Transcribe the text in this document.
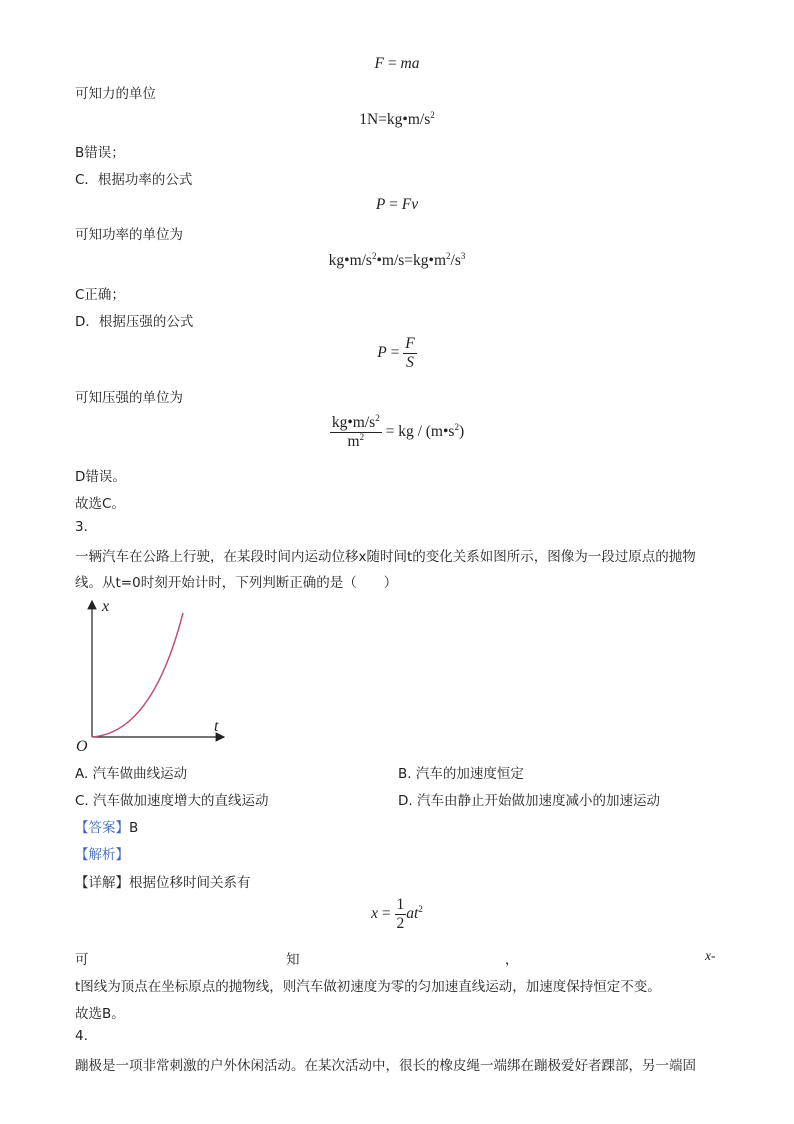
F = ma
可知力的单位
$1N=kg•m/s^2$
B错误；
C．根据功率的公式
P = Fv
可知功率的单位为
$kg•m/s^2•m/s=kg•m^2/s^3$
C正确；
D．根据压强的公式
$P = \frac{F}{S}$
可知压强的单位为
$\frac{kg•m/s^2}{m^2}$ = kg / $(m•s^2)$
D错误。
故选C。
3.
一辆汽车在公路上行驶，在某段时间内运动位移x随时间t的变化关系如图所示，图像为一段过原点的抛物
线。从t=0时刻开始计时，下列判断正确的是（　　）
x
t
O
A. 汽车做曲线运动	B. 汽车的加速度恒定
C. 汽车做加速度增大的直线运动	D. 汽车由静止开始做加速度减小的加速运动
【答案】B
【解析】
【详解】根据位移时间关系有
$x = \frac{1}{2} at^2$
可	知	，	x-
t图线为顶点在坐标原点的抛物线，则汽车做初速度为零的匀加速直线运动，加速度保持恒定不变。
故选B。
4.
蹦极是一项非常刺激的户外休闲活动。在某次活动中，很长的橡皮绳一端绑在蹦极爱好者踝部，另一端固
